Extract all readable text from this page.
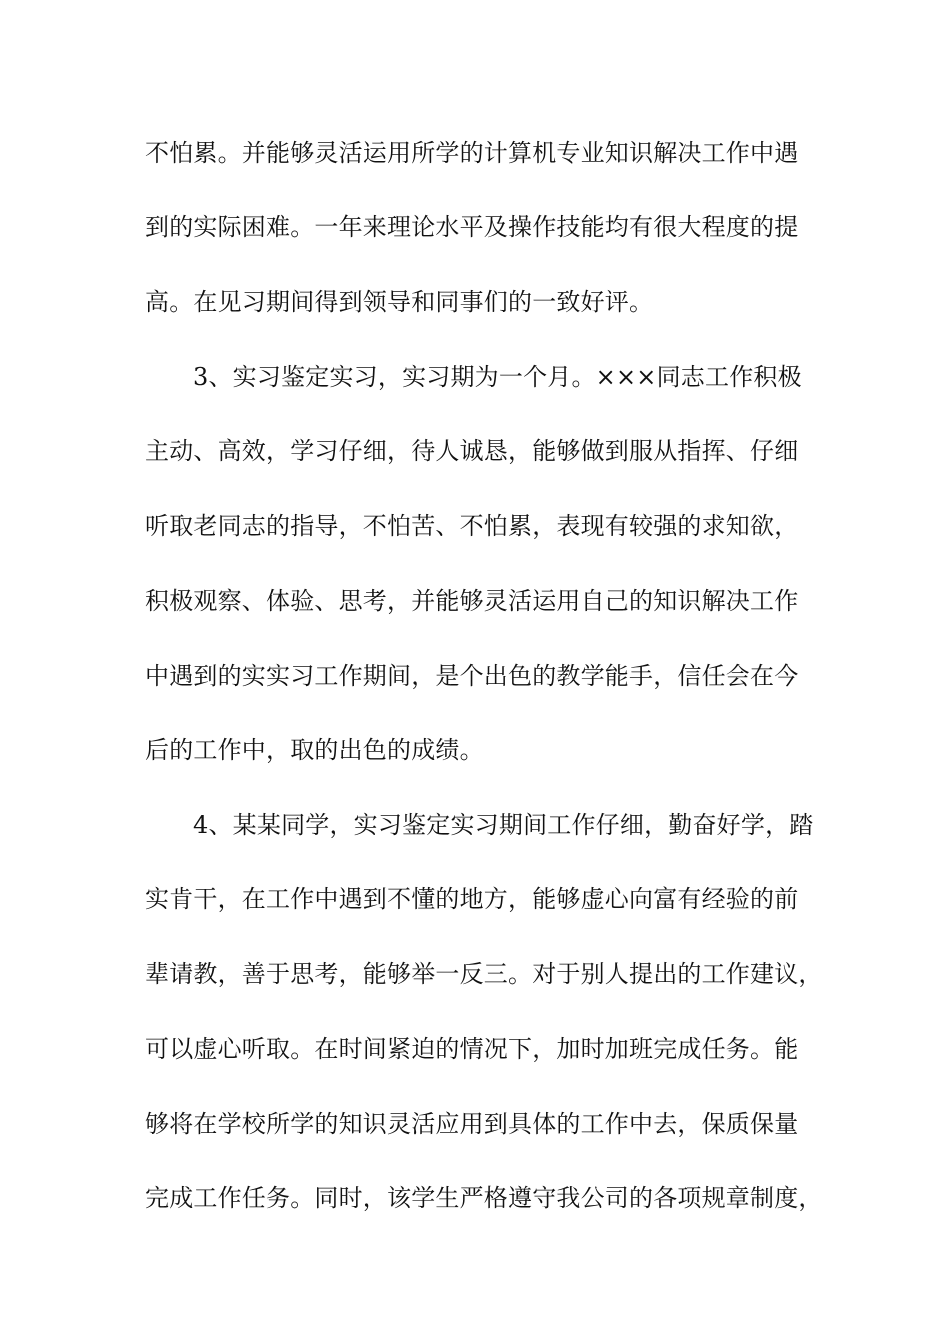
不怕累。并能够灵活运用所学的计算机专业知识解决工作中遇
到的实际困难。一年来理论水平及操作技能均有很大程度的提
高。在见习期间得到领导和同事们的一致好评。
3、实习鉴定实习，实习期为一个月。×××同志工作积极
主动、高效，学习仔细，待人诚恳，能够做到服从指挥、仔细
听取老同志的指导，不怕苦、不怕累，表现有较强的求知欲，
积极观察、体验、思考，并能够灵活运用自己的知识解决工作
中遇到的实实习工作期间，是个出色的教学能手，信任会在今
后的工作中，取的出色的成绩。
4、某某同学，实习鉴定实习期间工作仔细，勤奋好学，踏
实肯干，在工作中遇到不懂的地方，能够虚心向富有经验的前
辈请教，善于思考，能够举一反三。对于别人提出的工作建议，
可以虚心听取。在时间紧迫的情况下，加时加班完成任务。能
够将在学校所学的知识灵活应用到具体的工作中去，保质保量
完成工作任务。同时，该学生严格遵守我公司的各项规章制度，
